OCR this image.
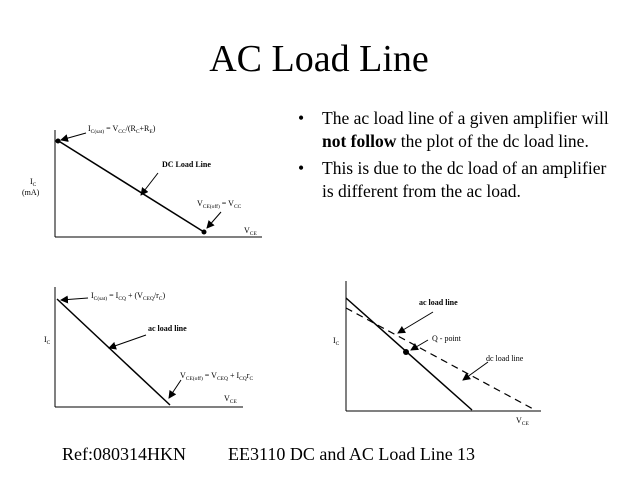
AC Load Line
• The ac load line of a given amplifier will not follow the plot of the dc load line.
• This is due to the dc load of an amplifier is different from the ac load.
$I_C$
(mA)
$V_{CE}$
$I_{C(sat)} = V_{CC}/(R_C+R_E)$
DC Load Line
$V_{CE(off)} = V_{CC}$
$I_C$
$V_{CE}$
$I_{C(sat)} = I_{CQ} + (V_{CEQ}/r_C)$
ac load line
$V_{CE(off)} = V_{CEQ} + I_{CQ}r_C$
$I_C$
$V_{CE}$
ac load line
Q - point
dc load line
Ref:080314HKN EE3110 DC and AC Load Line 13
